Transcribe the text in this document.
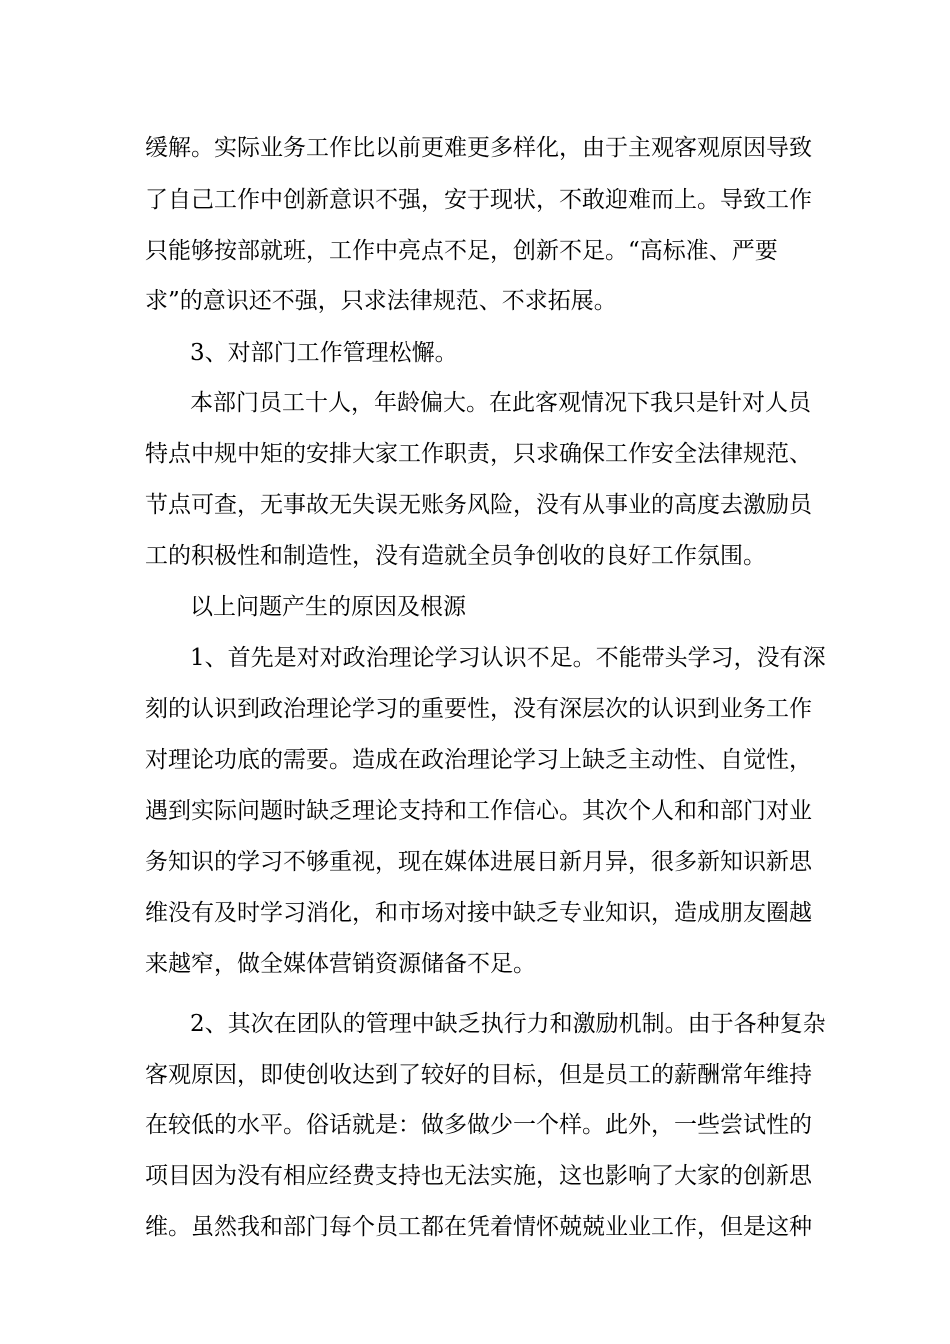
缓解。实际业务工作比以前更难更多样化，由于主观客观原因导致
了自己工作中创新意识不强，安于现状，不敢迎难而上。导致工作
只能够按部就班，工作中亮点不足，创新不足。“高标准、严要
求”的意识还不强，只求法律规范、不求拓展。
3、对部门工作管理松懈。
本部门员工十人，年龄偏大。在此客观情况下我只是针对人员
特点中规中矩的安排大家工作职责，只求确保工作安全法律规范、
节点可查，无事故无失误无账务风险，没有从事业的高度去激励员
工的积极性和制造性，没有造就全员争创收的良好工作氛围。
以上问题产生的原因及根源
1、首先是对对政治理论学习认识不足。不能带头学习，没有深
刻的认识到政治理论学习的重要性，没有深层次的认识到业务工作
对理论功底的需要。造成在政治理论学习上缺乏主动性、自觉性，
遇到实际问题时缺乏理论支持和工作信心。其次个人和和部门对业
务知识的学习不够重视，现在媒体进展日新月异，很多新知识新思
维没有及时学习消化，和市场对接中缺乏专业知识，造成朋友圈越
来越窄，做全媒体营销资源储备不足。
2、其次在团队的管理中缺乏执行力和激励机制。由于各种复杂
客观原因，即使创收达到了较好的目标，但是员工的薪酬常年维持
在较低的水平。俗话就是：做多做少一个样。此外，一些尝试性的
项目因为没有相应经费支持也无法实施，这也影响了大家的创新思
维。虽然我和部门每个员工都在凭着情怀兢兢业业工作，但是这种
